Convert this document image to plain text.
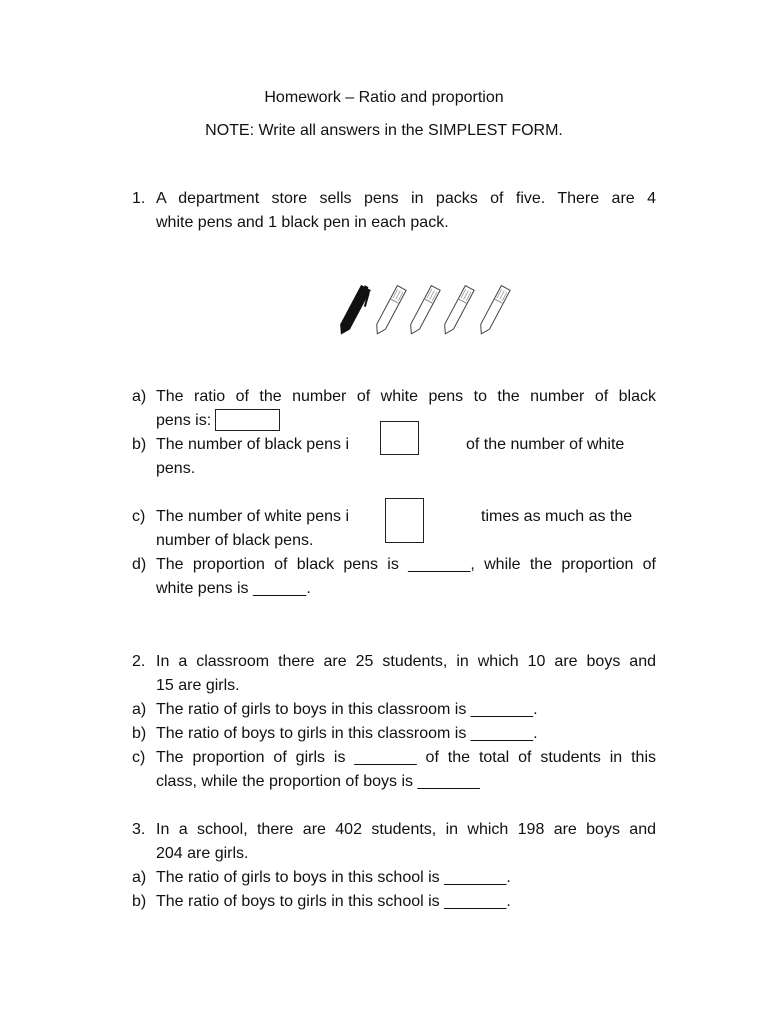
Homework – Ratio and proportion
NOTE: Write all answers in the SIMPLEST FORM.
1. A department store sells pens in packs of five. There are 4
white pens and 1 black pen in each pack.
a) The ratio of the number of white pens to the number of black
pens is:
b) The number of black pens i	of the number of white
pens.
c) The number of white pens i	times as much as the
number of black pens.
d) The proportion of black pens is _______, while the proportion of
white pens is ______.
2. In a classroom there are 25 students, in which 10 are boys and
15 are girls.
a) The ratio of girls to boys in this classroom is _______.
b) The ratio of boys to girls in this classroom is _______.
c) The proportion of girls is _______ of the total of students in this
class, while the proportion of boys is _______
3. In a school, there are 402 students, in which 198 are boys and
204 are girls.
a) The ratio of girls to boys in this school is _______.
b) The ratio of boys to girls in this school is _______.
